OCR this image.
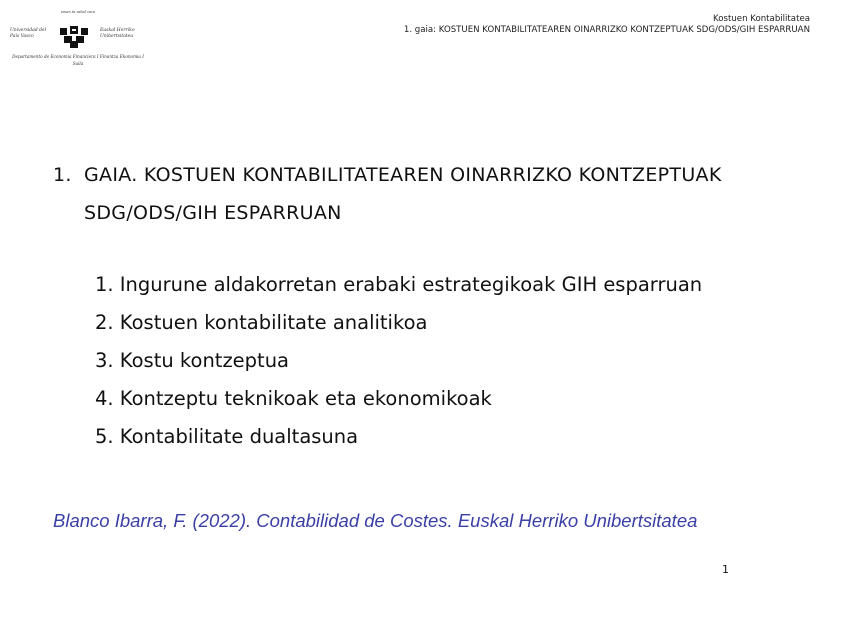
eman ta zabal zazu
Universidad del País Vasco
Euskal Herriko Unibertsitatea
Departamento de Economía Financiera I Finantza Ekonomia I Saila
Kostuen Kontabilitatea
1. gaia: KOSTUEN KONTABILITATEAREN OINARRIZKO KONTZEPTUAK SDG/ODS/GIH ESPARRUAN
1. GAIA. KOSTUEN KONTABILITATEAREN OINARRIZKO KONTZEPTUAK SDG/ODS/GIH ESPARRUAN
1. Ingurune aldakorretan erabaki estrategikoak GIH esparruan
2. Kostuen kontabilitate analitikoa
3. Kostu kontzeptua
4. Kontzeptu teknikoak eta ekonomikoak
5. Kontabilitate dualtasuna
Blanco Ibarra, F. (2022). Contabilidad de Costes. Euskal Herriko Unibertsitatea
1
